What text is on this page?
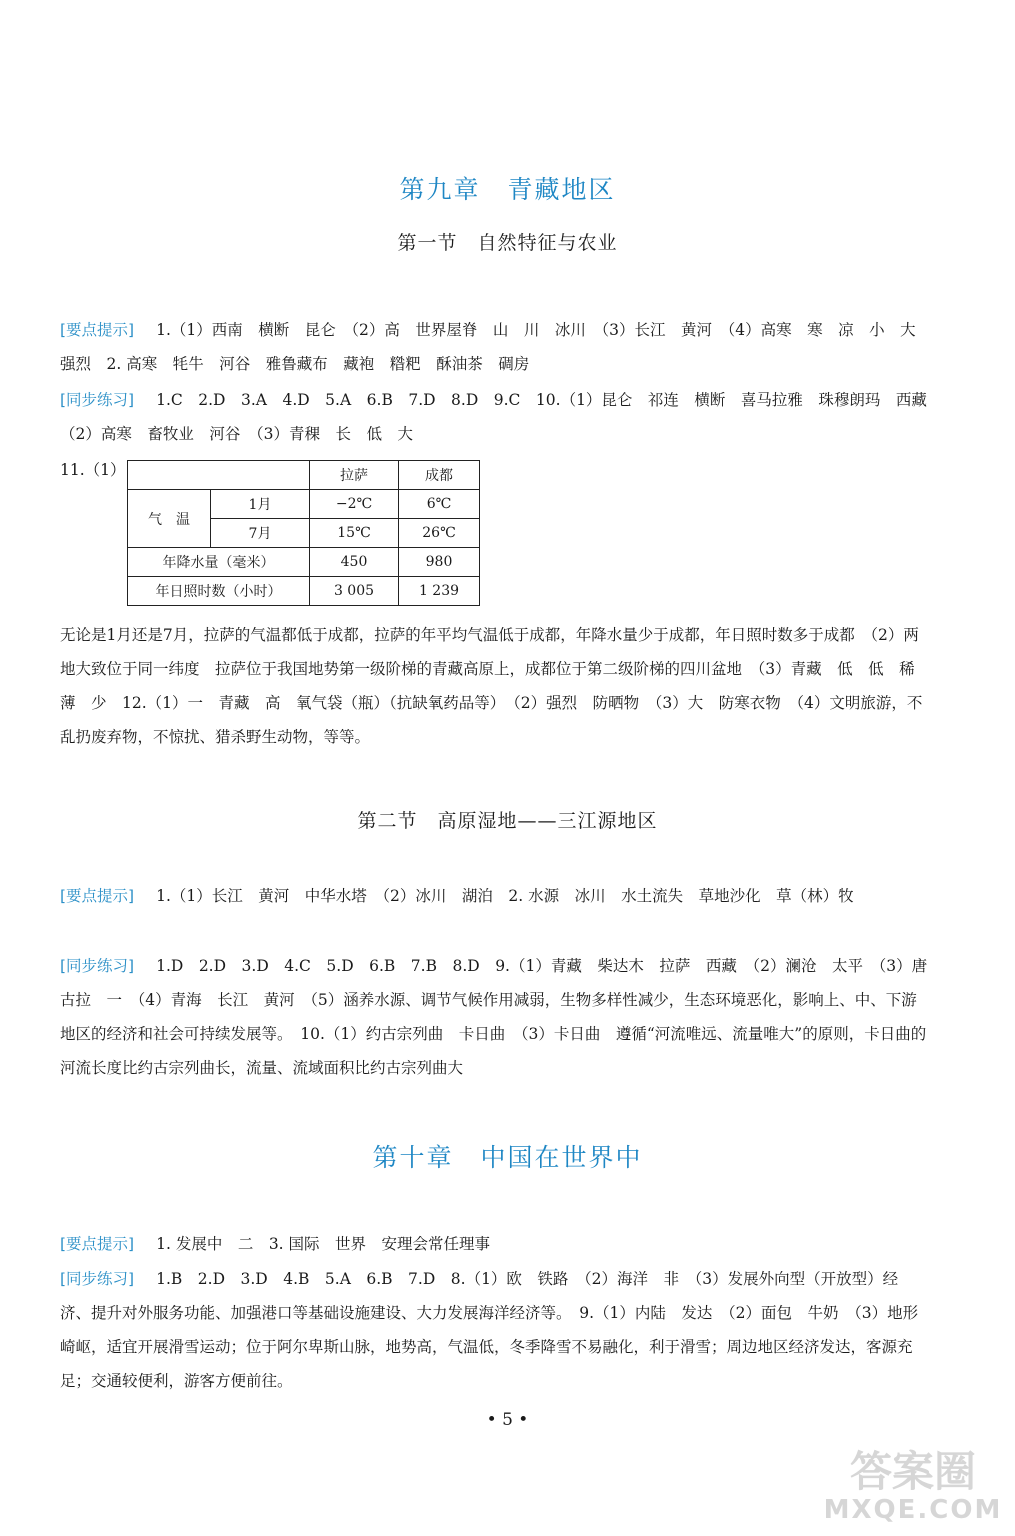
第九章　青藏地区
第一节　自然特征与农业

[要点提示] 1.（1）西南　横断　昆仑　（2）高　世界屋脊　山　川　冰川　（3）长江　黄河　（4）高寒　寒　凉　小　大　强烈　2. 高寒　牦牛　河谷　雅鲁藏布　藏袍　糌粑　酥油茶　碉房

[同步练习] 1.C　2.D　3.A　4.D　5.A　6.B　7.D　8.D　9.C　10.（1）昆仑　祁连　横断　喜马拉雅　珠穆朗玛　西藏　（2）高寒　畜牧业　河谷　（3）青稞　长　低　大

11.（1）
		拉萨	成都
气　温	1月	−2℃	6℃
	7月	15℃	26℃
年降水量（毫米）		450	980
年日照时数（小时）		3 005	1 239

无论是1月还是7月，拉萨的气温都低于成都，拉萨的年平均气温低于成都，年降水量少于成都，年日照时数多于成都　（2）两地大致位于同一纬度　拉萨位于我国地势第一级阶梯的青藏高原上，成都位于第二级阶梯的四川盆地　（3）青藏　低　低　稀薄　少　12.（1）一　青藏　高　氧气袋（瓶）（抗缺氧药品等）　（2）强烈　防晒物　（3）大　防寒衣物　（4）文明旅游，不乱扔废弃物，不惊扰、猎杀野生动物，等等。

第二节　高原湿地——三江源地区

[要点提示] 1.（1）长江　黄河　中华水塔　（2）冰川　湖泊　2. 水源　冰川　水土流失　草地沙化　草（林）牧

[同步练习] 1.D　2.D　3.D　4.C　5.D　6.B　7.B　8.D　9.（1）青藏　柴达木　拉萨　西藏　（2）澜沧　太平　（3）唐古拉　一　（4）青海　长江　黄河　（5）涵养水源、调节气候作用减弱，生物多样性减少，生态环境恶化，影响上、中、下游地区的经济和社会可持续发展等。　10.（1）约古宗列曲　卡日曲　（3）卡日曲　遵循“河流唯远、流量唯大”的原则，卡日曲的河流长度比约古宗列曲长，流量、流域面积比约古宗列曲大

第十章　中国在世界中

[要点提示] 1. 发展中　二　3. 国际　世界　安理会常任理事

[同步练习] 1.B　2.D　3.D　4.B　5.A　6.B　7.D　8.（1）欧　铁路　（2）海洋　非　（3）发展外向型（开放型）经济、提升对外服务功能、加强港口等基础设施建设、大力发展海洋经济等。　9.（1）内陆　发达　（2）面包　牛奶　（3）地形崎岖，适宜开展滑雪运动；位于阿尔卑斯山脉，地势高，气温低，冬季降雪不易融化，利于滑雪；周边地区经济发达，客源充足；交通较便利，游客方便前往。

• 5 •
答案圈
MXQE.COM
